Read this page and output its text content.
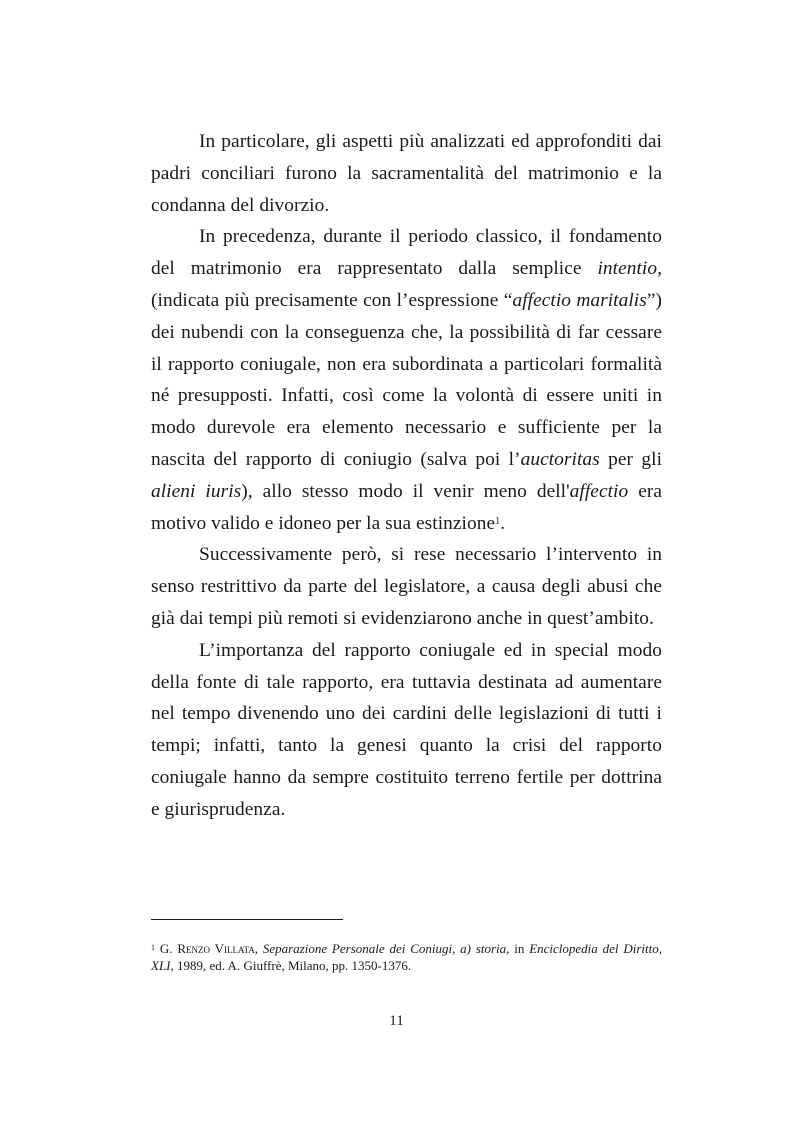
In particolare, gli aspetti più analizzati ed approfonditi dai padri conciliari furono la sacramentalità del matrimonio e la condanna del divorzio.

In precedenza, durante il periodo classico, il fondamento del matrimonio era rappresentato dalla semplice intentio, (indicata più precisamente con l’espressione “affectio maritalis”) dei nubendi con la conseguenza che, la possibilità di far cessare il rapporto coniugale, non era subordinata a particolari formalità né presupposti. Infatti, così come la volontà di essere uniti in modo durevole era elemento necessario e sufficiente per la nascita del rapporto di coniugio (salva poi l’auctoritas per gli alieni iuris), allo stesso modo il venir meno dell'affectio era motivo valido e idoneo per la sua estinzione$^1$.

Successivamente però, si rese necessario l’intervento in senso restrittivo da parte del legislatore, a causa degli abusi che già dai tempi più remoti si evidenziarono anche in quest’ambito.

L’importanza del rapporto coniugale ed in special modo della fonte di tale rapporto, era tuttavia destinata ad aumentare nel tempo divenendo uno dei cardini delle legislazioni di tutti i tempi; infatti, tanto la genesi quanto la crisi del rapporto coniugale hanno da sempre costituito terreno fertile per dottrina e giurisprudenza.

$^1$ G. Renzo Villata, Separazione Personale dei Coniugi, a) storia, in Enciclopedia del Diritto, XLI, 1989, ed. A. Giuffrè, Milano, pp. 1350-1376.

11
